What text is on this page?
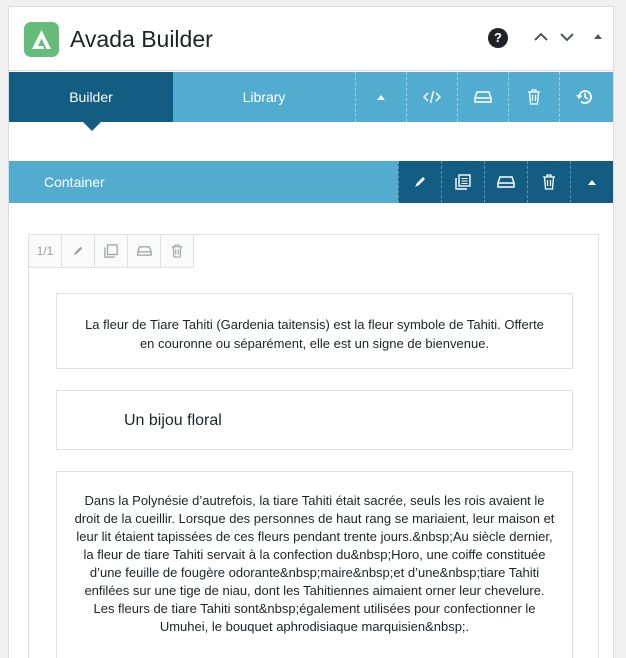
Avada Builder	?
Builder	Library
Container
1/1
La fleur de Tiare Tahiti (Gardenia taitensis) est la fleur symbole de Tahiti. Offerte en couronne ou séparément, elle est un signe de bienvenue.
Un bijou floral
Dans la Polynésie d’autrefois, la tiare Tahiti était sacrée, seuls les rois avaient le droit de la cueillir. Lorsque des personnes de haut rang se mariaient, leur maison et leur lit étaient tapissées de ces fleurs pendant trente jours.&nbsp;Au siècle dernier, la fleur de tiare Tahiti servait à la confection du&nbsp;Horo, une coiffe constituée d’une feuille de fougère odorante&nbsp;maire&nbsp;et d’une&nbsp;tiare Tahiti enfilées sur une tige de niau, dont les Tahitiennes aimaient orner leur chevelure. Les fleurs de tiare Tahiti sont&nbsp;également utilisées pour confectionner le Umuhei, le bouquet aphrodisiaque marquisien&nbsp;.
